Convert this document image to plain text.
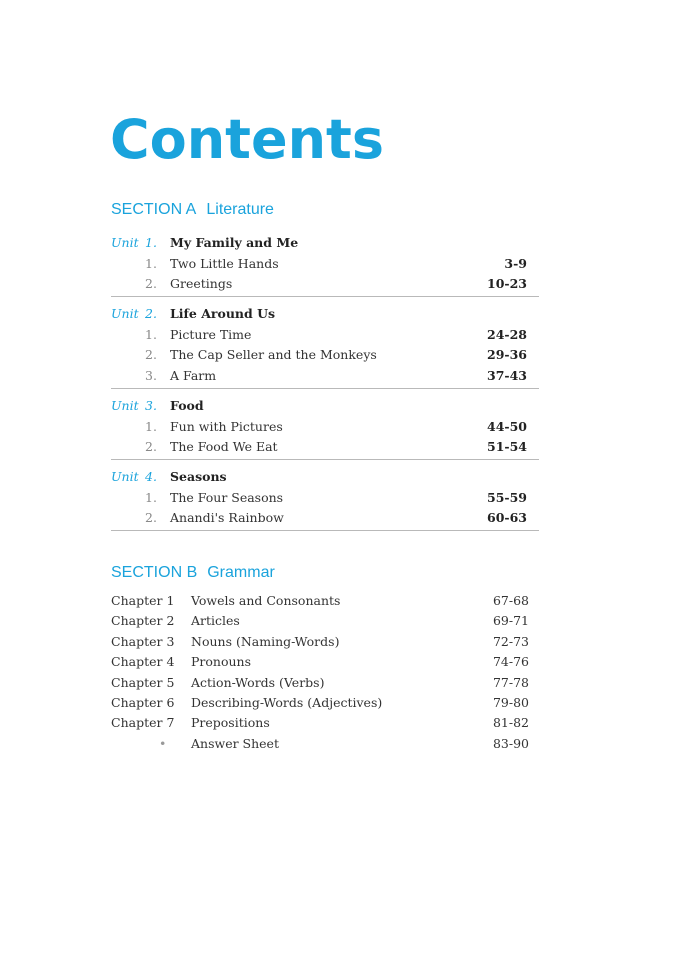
Contents
SECTION A Literature
Unit 1. My Family and Me
1. Two Little Hands	3-9
2. Greetings	10-23
Unit 2. Life Around Us
1. Picture Time	24-28
2. The Cap Seller and the Monkeys	29-36
3. A Farm	37-43
Unit 3. Food
1. Fun with Pictures	44-50
2. The Food We Eat	51-54
Unit 4. Seasons
1. The Four Seasons	55-59
2. Anandi's Rainbow	60-63
SECTION B Grammar
Chapter 1 Vowels and Consonants	67-68
Chapter 2 Articles	69-71
Chapter 3 Nouns (Naming-Words)	72-73
Chapter 4 Pronouns	74-76
Chapter 5 Action-Words (Verbs)	77-78
Chapter 6 Describing-Words (Adjectives)	79-80
Chapter 7 Prepositions	81-82
• Answer Sheet	83-90
